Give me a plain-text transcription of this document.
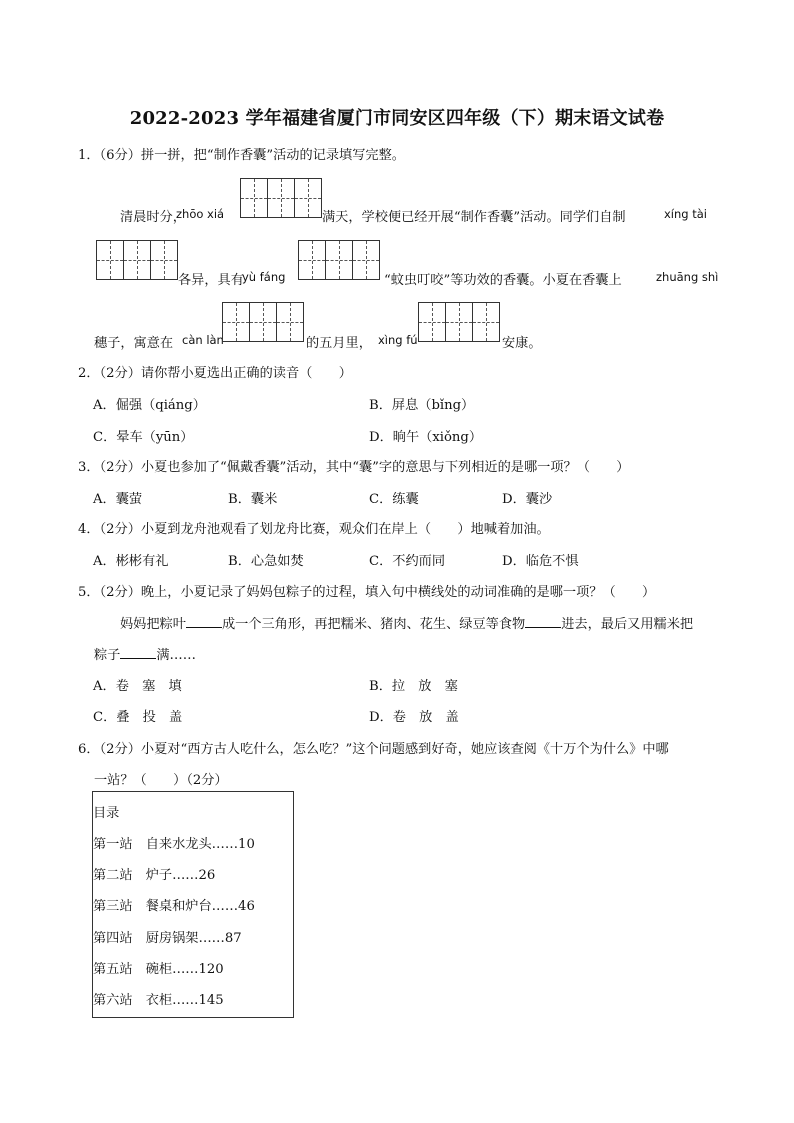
2022-2023 学年福建省厦门市同安区四年级（下）期末语文试卷
1．（6分）拼一拼，把“制作香囊”活动的记录填写完整。
清晨时分，
zhōo xiá	满天，学校便已经开展“制作香囊”活动。同学们自制	xíng tài
各异，具有
yù fáng	“蚊虫叮咬”等功效的香囊。小夏在香囊上	zhuāng shì
穗子，寓意在 càn làn	的五月里， xìng fú	安康。
2．（2分）请你帮小夏选出正确的读音（　　）
A．倔强（qiáng）	B．屏息（bǐng）
C．晕车（yūn）	D．晌午（xiǒng）
3．（2分）小夏也参加了“佩戴香囊”活动，其中“囊”字的意思与下列相近的是哪一项？（　　）
A．囊萤	B．囊米	C．练囊	D．囊沙
4．（2分）小夏到龙舟池观看了划龙舟比赛，观众们在岸上（　　）地喊着加油。
A．彬彬有礼	B．心急如焚	C．不约而同	D．临危不惧
5．（2分）晚上，小夏记录了妈妈包粽子的过程，填入句中横线处的动词准确的是哪一项？（　　）
妈妈把粽叶	成一个三角形，再把糯米、猪肉、花生、绿豆等食物	进去，最后又用糯米把
粽子	满……
A．卷　塞　填	B．拉　放　塞
C．叠　投　盖	D．卷　放　盖
6．（2分）小夏对“西方古人吃什么，怎么吃？”这个问题感到好奇，她应该查阅《十万个为什么》中哪
一站？（　　）（2分）
目录
第一站　自来水龙头……10
第二站　炉子……26
第三站　餐桌和炉台……46
第四站　厨房锅架……87
第五站　碗柜……120
第六站　衣柜……145
